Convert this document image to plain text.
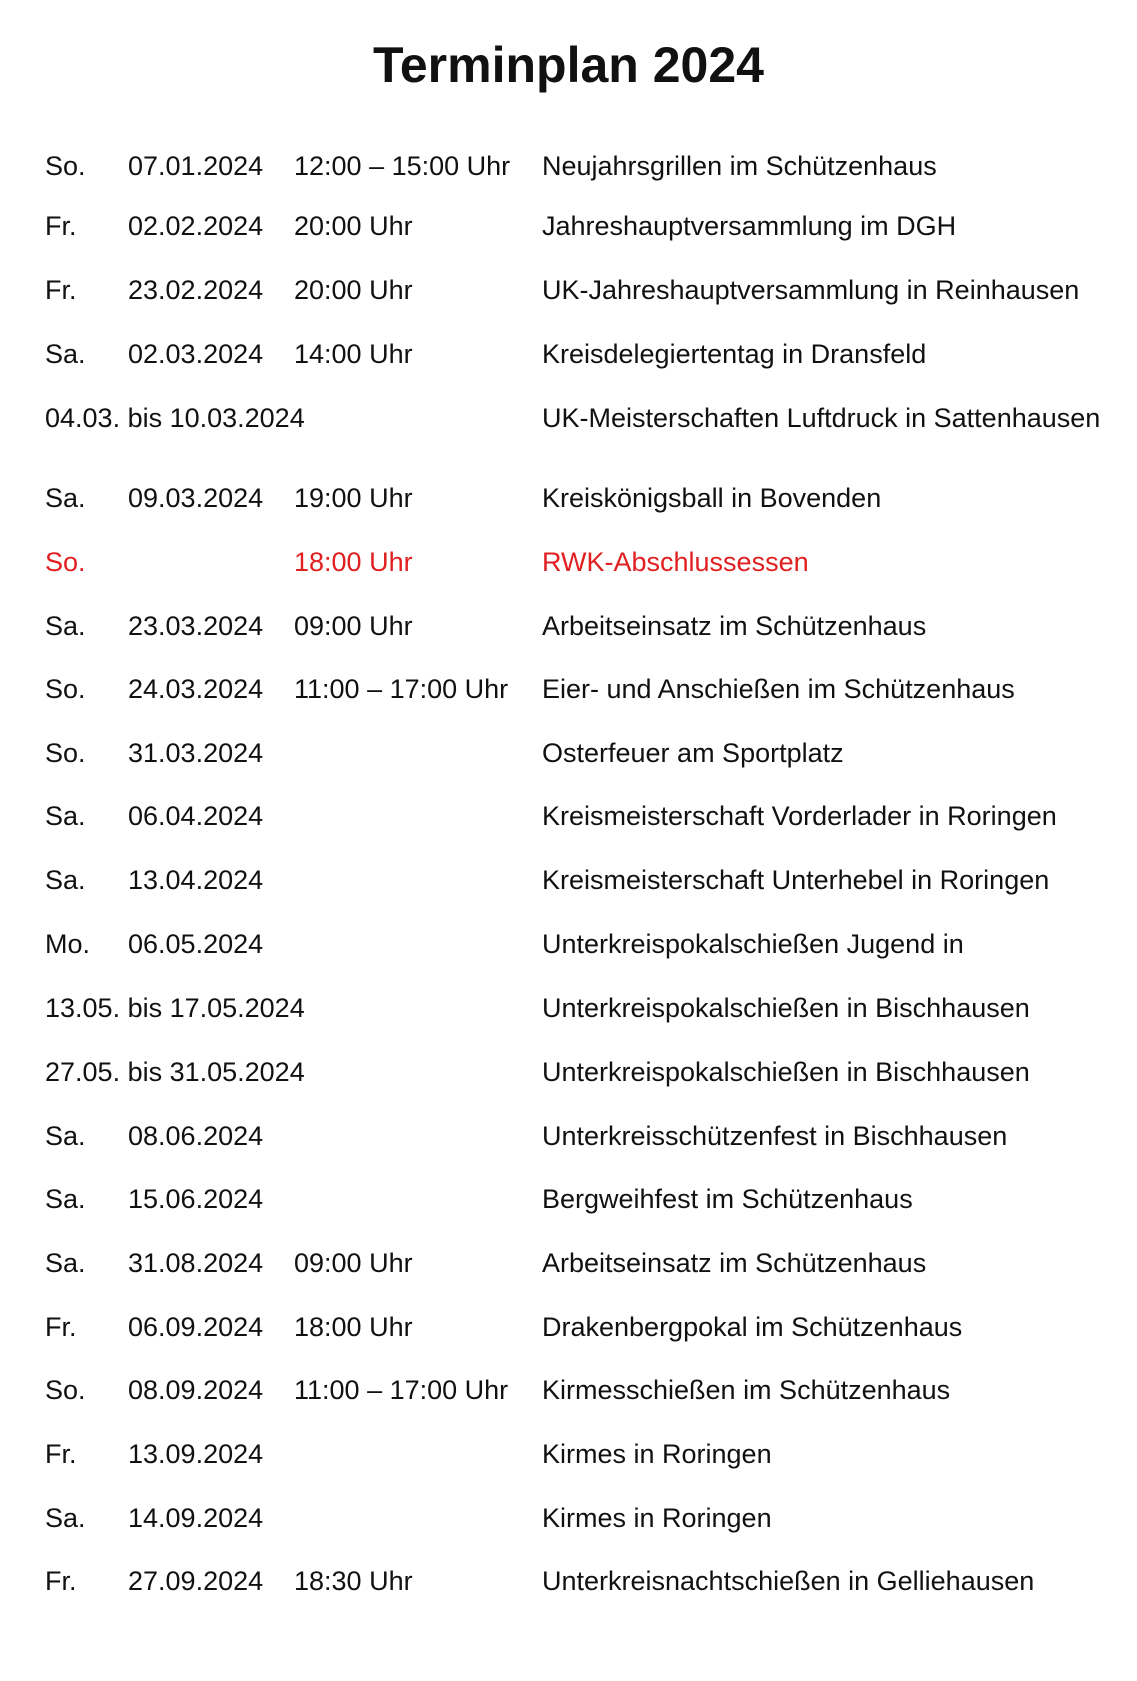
Terminplan 2024
So. 07.01.2024 12:00 – 15:00 Uhr Neujahrsgrillen im Schützenhaus
Fr. 02.02.2024 20:00 Uhr	Jahreshauptversammlung im DGH
Fr. 23.02.2024 20:00 Uhr	UK-Jahreshauptversammlung in Reinhausen
Sa. 02.03.2024 14:00 Uhr	Kreisdelegiertentag in Dransfeld
04.03. bis 10.03.2024	UK-Meisterschaften Luftdruck in Sattenhausen
Sa. 09.03.2024 19:00 Uhr	Kreiskönigsball in Bovenden
So.	18:00 Uhr	RWK-Abschlussessen
Sa. 23.03.2024 09:00 Uhr	Arbeitseinsatz im Schützenhaus
So. 24.03.2024 11:00 – 17:00 Uhr Eier- und Anschießen im Schützenhaus
So. 31.03.2024	Osterfeuer am Sportplatz
Sa. 06.04.2024	Kreismeisterschaft Vorderlader in Roringen
Sa. 13.04.2024	Kreismeisterschaft Unterhebel in Roringen
Mo. 06.05.2024	Unterkreispokalschießen Jugend in
13.05. bis 17.05.2024	Unterkreispokalschießen in Bischhausen
27.05. bis 31.05.2024	Unterkreispokalschießen in Bischhausen
Sa. 08.06.2024	Unterkreisschützenfest in Bischhausen
Sa. 15.06.2024	Bergweihfest im Schützenhaus
Sa. 31.08.2024 09:00 Uhr	Arbeitseinsatz im Schützenhaus
Fr. 06.09.2024 18:00 Uhr	Drakenbergpokal im Schützenhaus
So. 08.09.2024 11:00 – 17:00 Uhr Kirmesschießen im Schützenhaus
Fr. 13.09.2024	Kirmes in Roringen
Sa. 14.09.2024	Kirmes in Roringen
Fr. 27.09.2024 18:30 Uhr	Unterkreisnachtschießen in Gelliehausen
